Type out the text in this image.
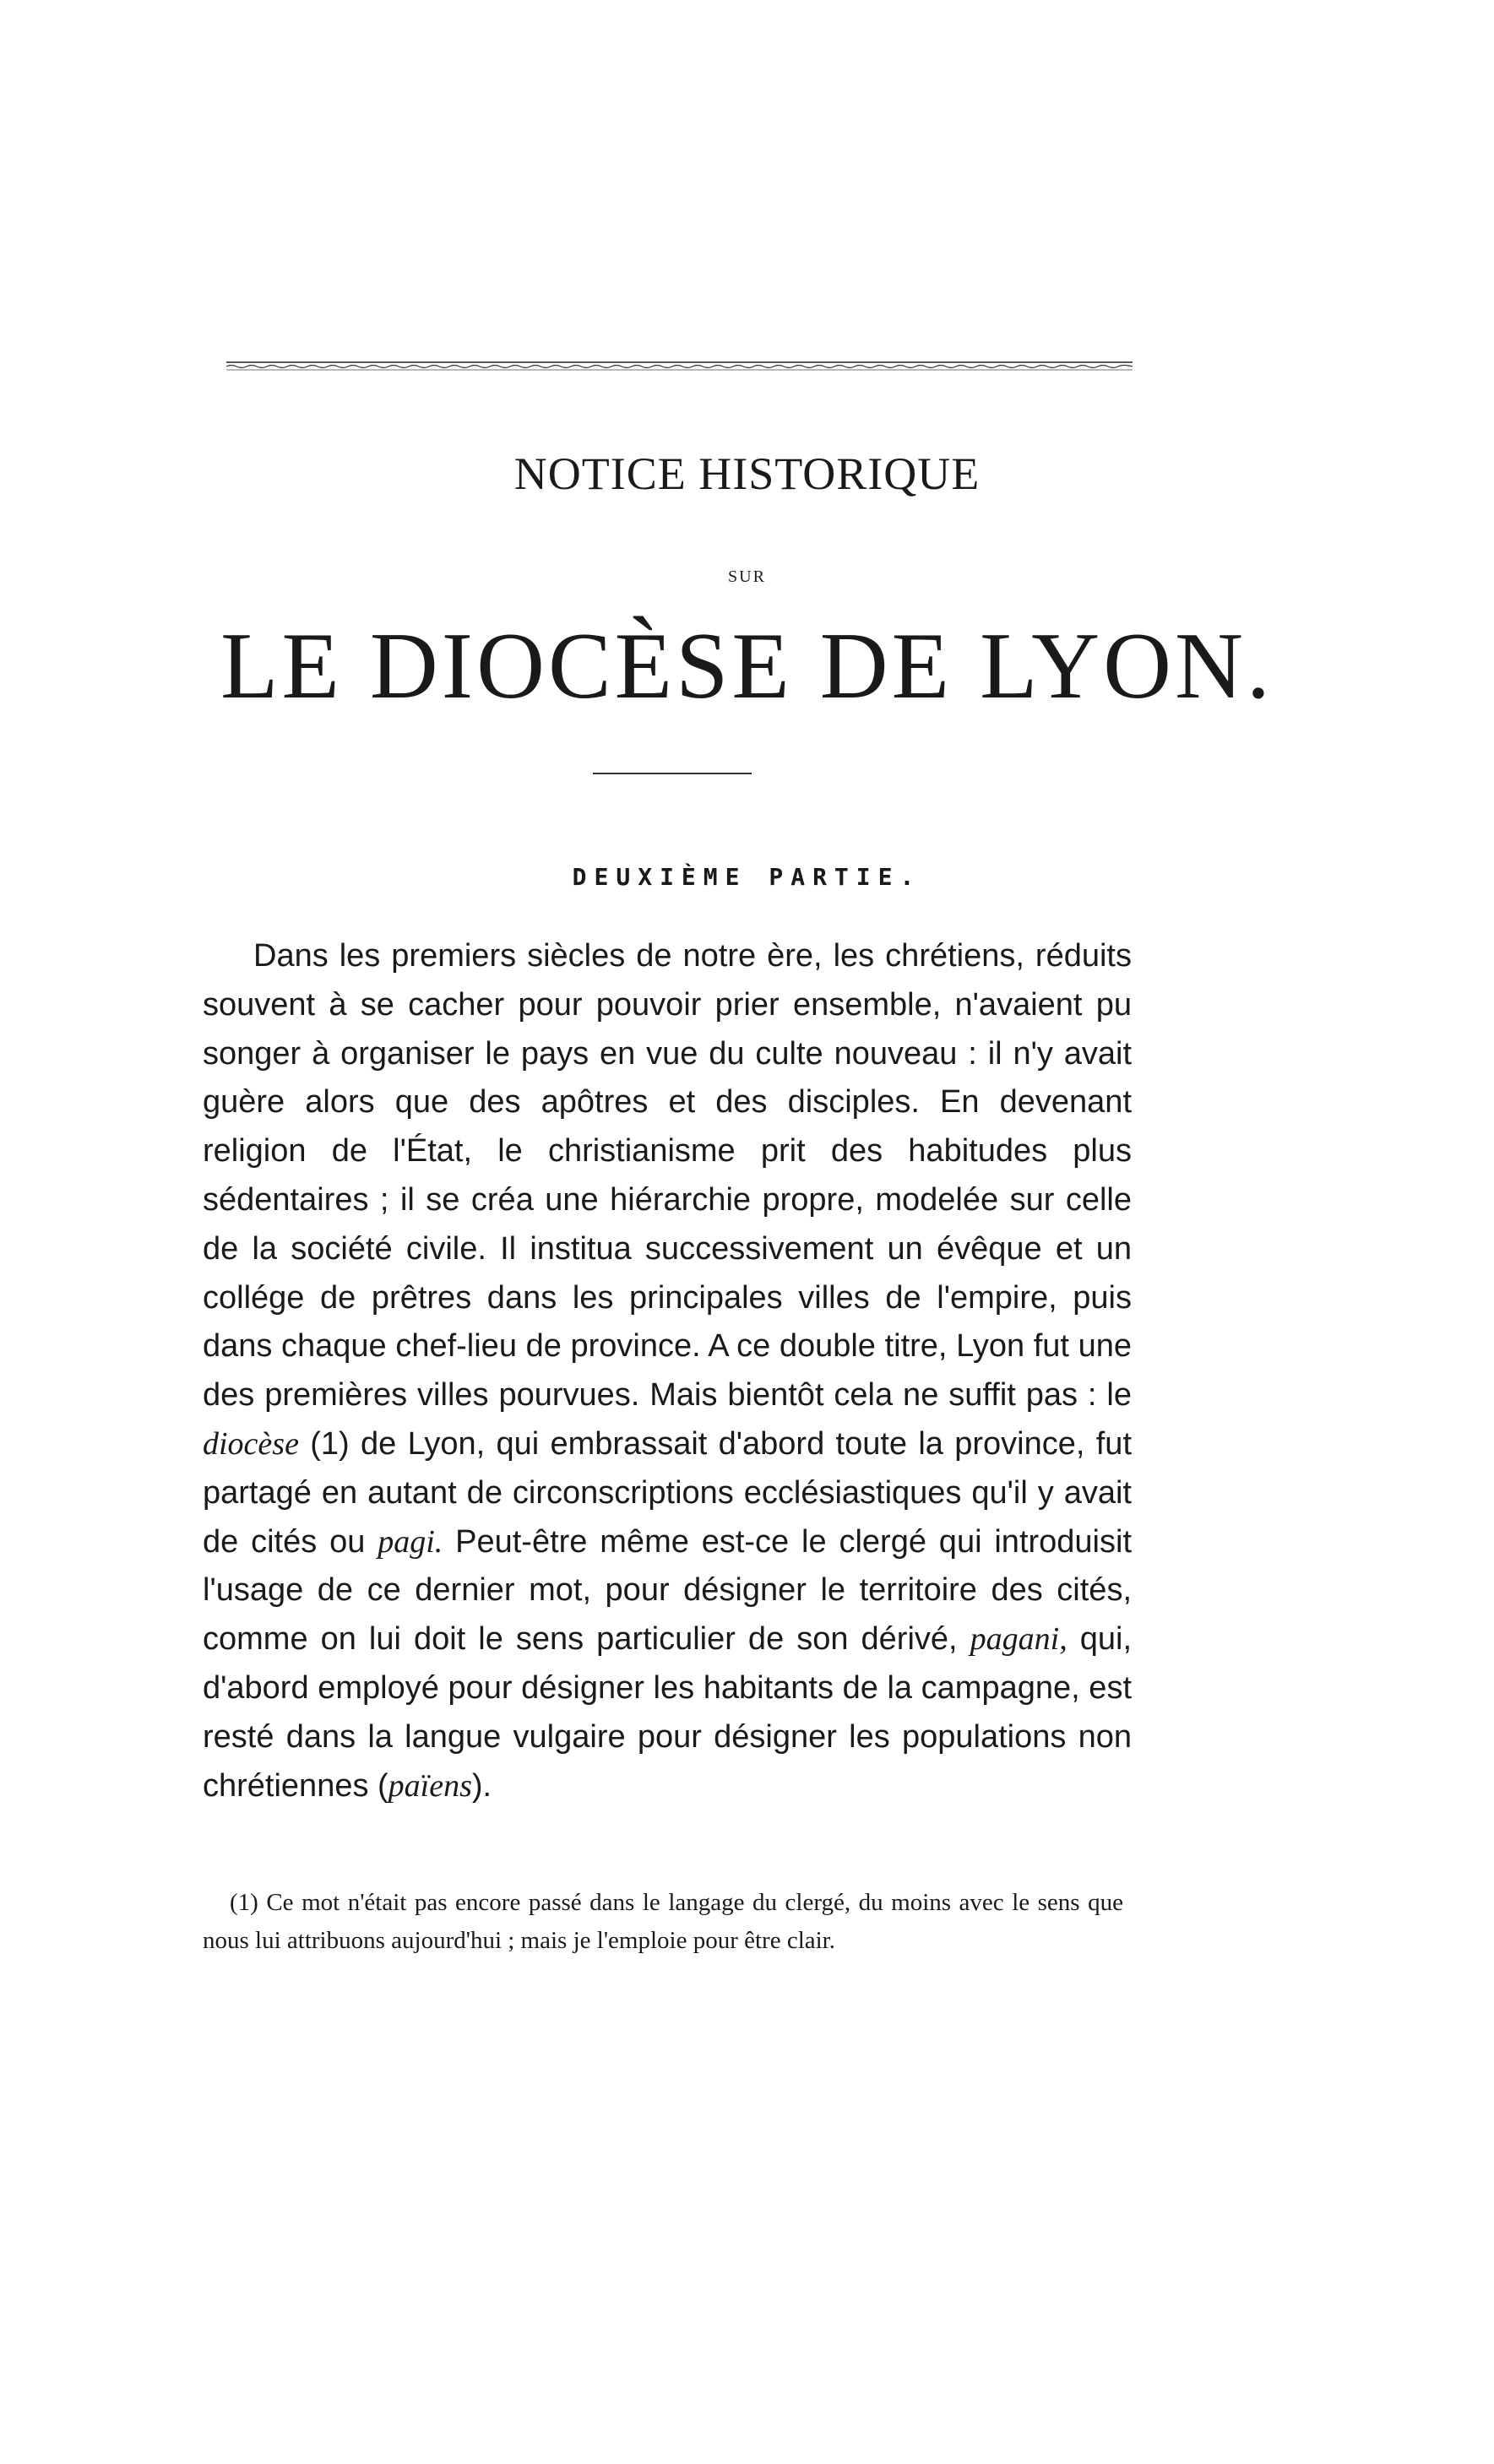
NOTICE HISTORIQUE
SUR
LE DIOCÈSE DE LYON.
DEUXIÈME PARTIE.

Dans les premiers siècles de notre ère, les chrétiens, réduits souvent à se cacher pour pouvoir prier ensemble, n'avaient pu songer à organiser le pays en vue du culte nouveau : il n'y avait guère alors que des apôtres et des disciples. En devenant religion de l'État, le christianisme prit des habitudes plus sédentaires ; il se créa une hiérarchie propre, modelée sur celle de la société civile. Il institua successivement un évêque et un collége de prêtres dans les principales villes de l'empire, puis dans chaque chef-lieu de province. A ce double titre, Lyon fut une des premières villes pourvues. Mais bientôt cela ne suffit pas : le diocèse (1) de Lyon, qui embrassait d'abord toute la province, fut partagé en autant de circonscriptions ecclésiastiques qu'il y avait de cités ou pagi. Peut-être même est-ce le clergé qui introduisit l'usage de ce dernier mot, pour désigner le territoire des cités, comme on lui doit le sens particulier de son dérivé, pagani, qui, d'abord employé pour désigner les habitants de la campagne, est resté dans la langue vulgaire pour désigner les populations non chrétiennes (païens).

(1) Ce mot n'était pas encore passé dans le langage du clergé, du moins avec le sens que nous lui attribuons aujourd'hui ; mais je l'emploie pour être clair.
